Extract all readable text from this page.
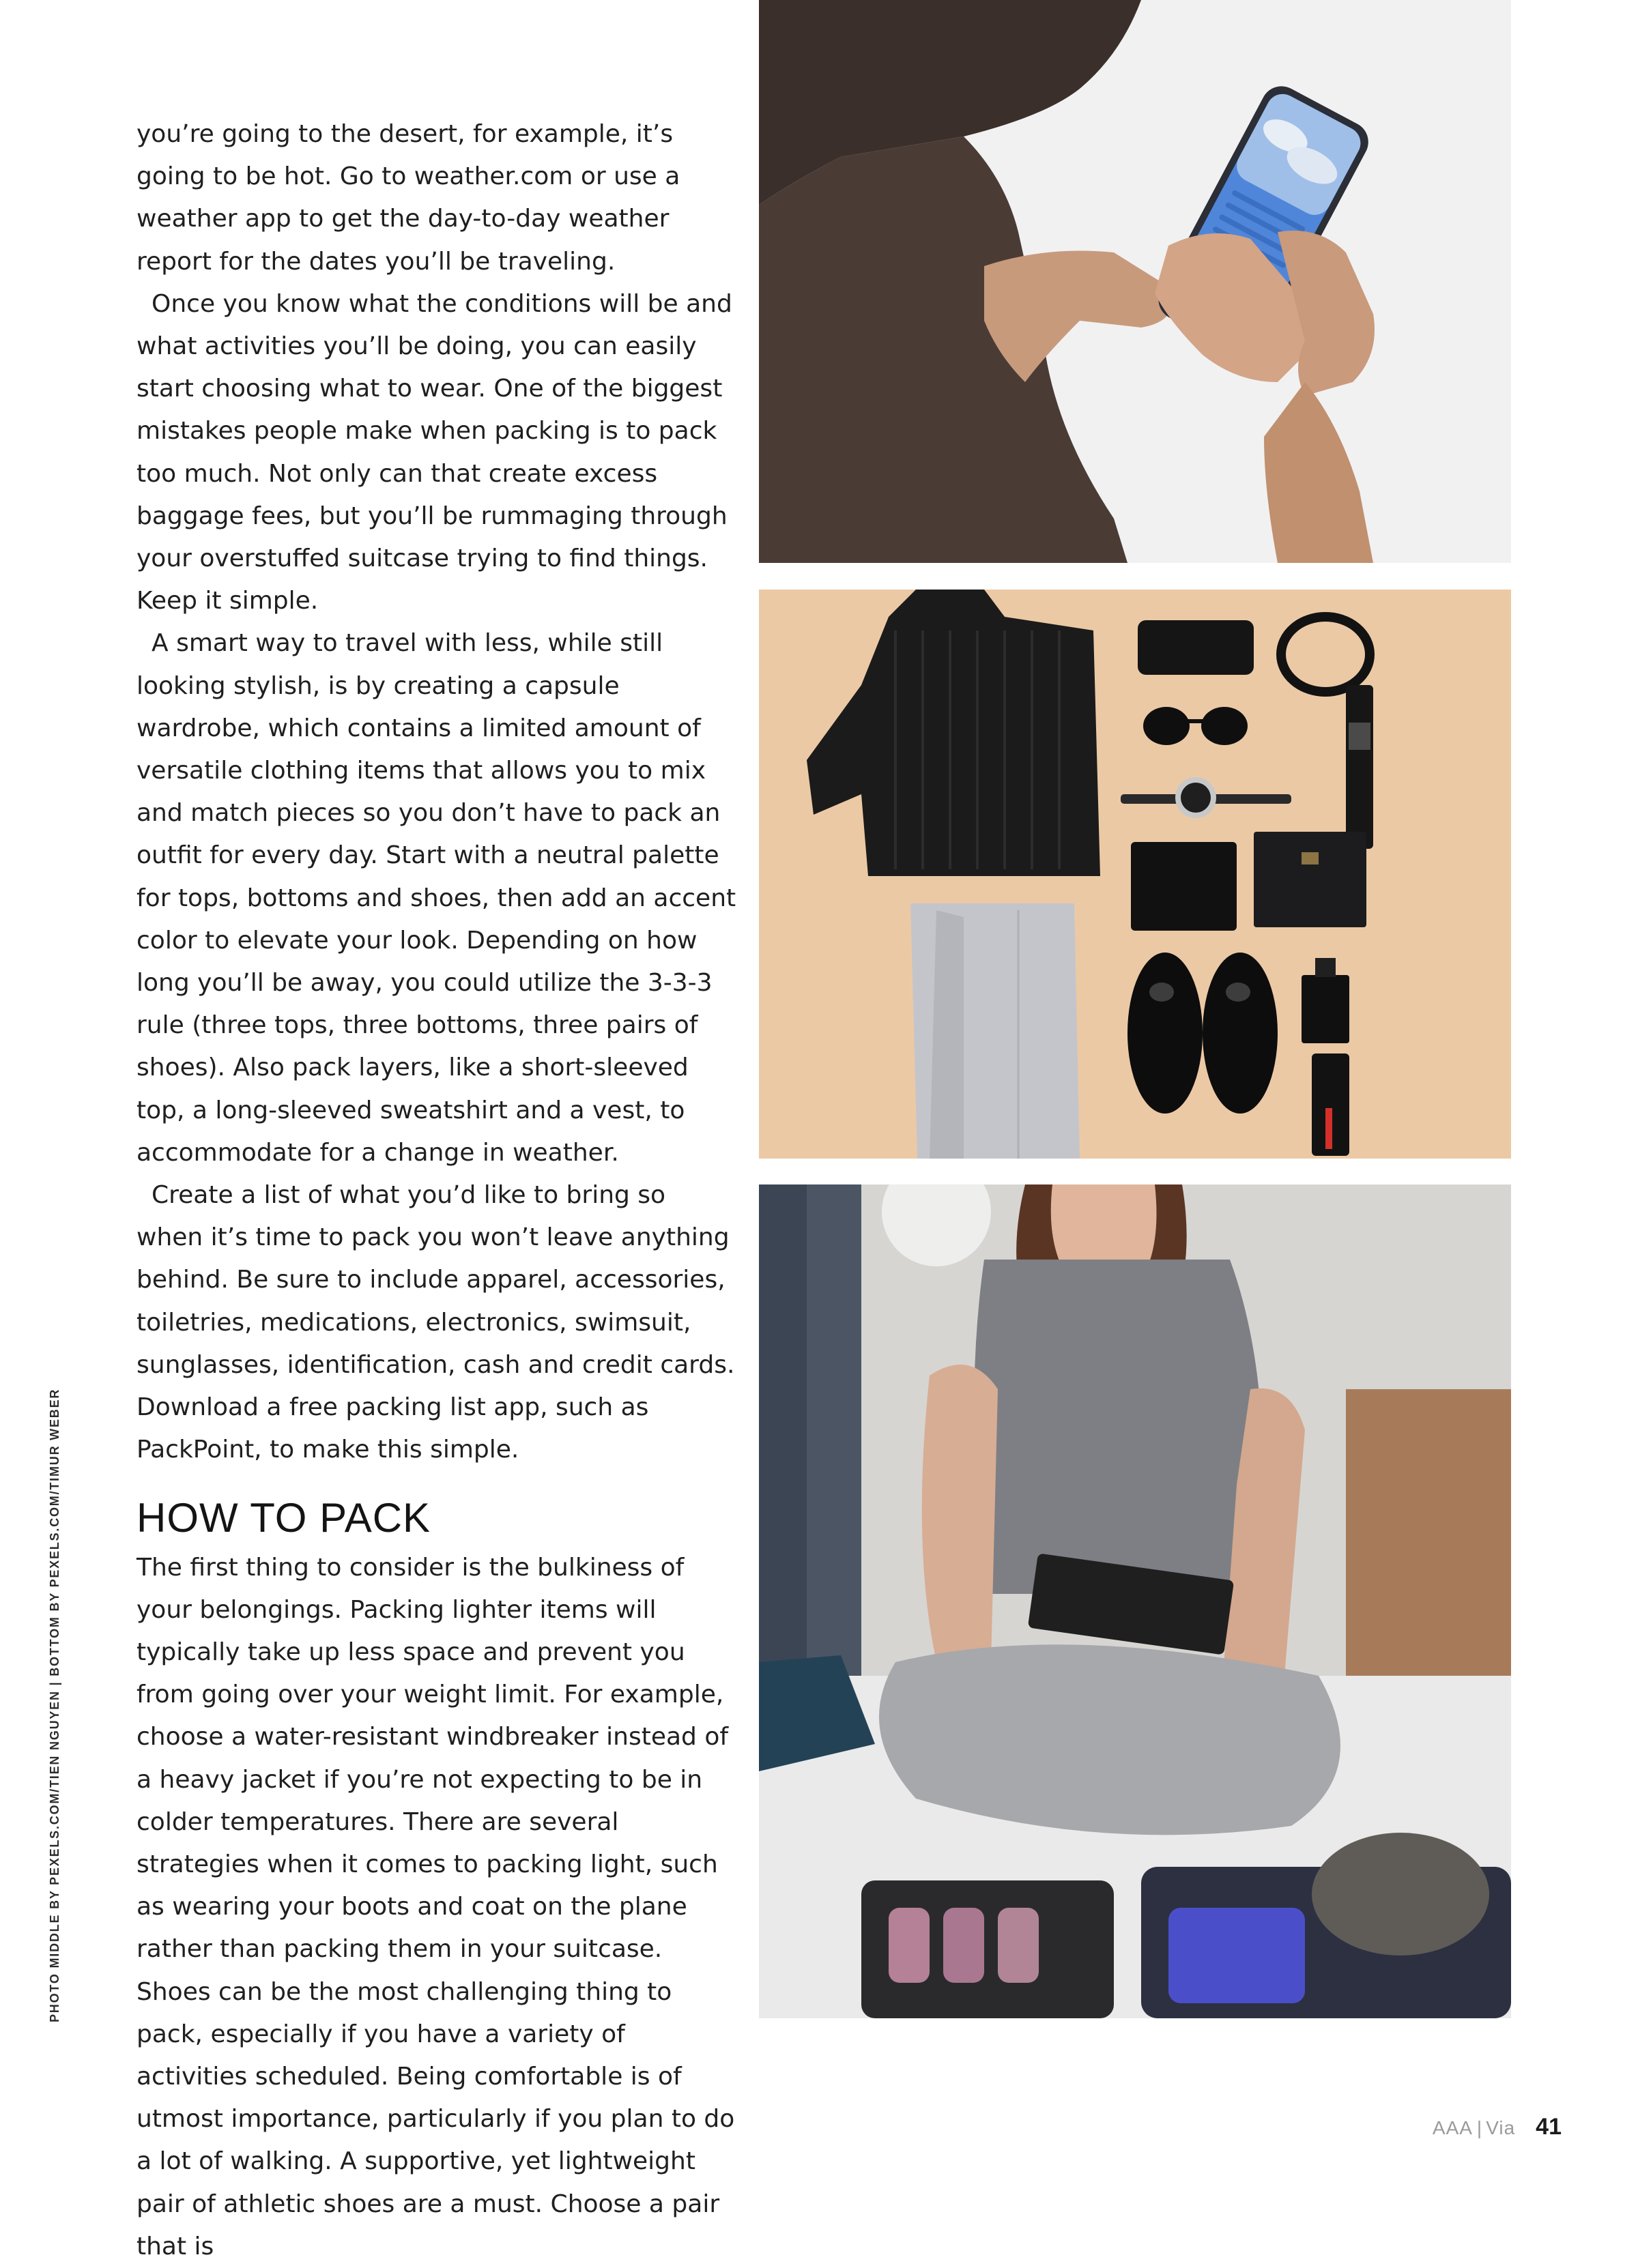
you’re going to the desert, for example, it’s going to be hot. Go to weather.com or use a weather app to get the day-to-day weather report for the dates you’ll be traveling.

Once you know what the conditions will be and what activities you’ll be doing, you can easily start choosing what to wear. One of the biggest mistakes people make when packing is to pack too much. Not only can that create excess baggage fees, but you’ll be rummaging through your overstuffed suitcase trying to find things. Keep it simple.

A smart way to travel with less, while still looking stylish, is by creating a capsule wardrobe, which contains a limited amount of versatile clothing items that allows you to mix and match pieces so you don’t have to pack an outfit for every day. Start with a neutral palette for tops, bottoms and shoes, then add an accent color to elevate your look. Depending on how long you’ll be away, you could utilize the 3-3-3 rule (three tops, three bottoms, three pairs of shoes). Also pack layers, like a short-sleeved top, a long-sleeved sweatshirt and a vest, to accommodate for a change in weather.

Create a list of what you’d like to bring so when it’s time to pack you won’t leave anything behind. Be sure to include apparel, accessories, toiletries, medications, electronics, swimsuit, sunglasses, identification, cash and credit cards. Download a free packing list app, such as PackPoint, to make this simple.

HOW TO PACK

The first thing to consider is the bulkiness of your belongings. Packing lighter items will typically take up less space and prevent you from going over your weight limit. For example, choose a water-resistant windbreaker instead of a heavy jacket if you’re not expecting to be in colder temperatures. There are several strategies when it comes to packing light, such as wearing your boots and coat on the plane rather than packing them in your suitcase. Shoes can be the most challenging thing to pack, especially if you have a variety of activities scheduled. Being comfortable is of utmost importance, particularly if you plan to do a lot of walking. A supportive, yet lightweight pair of athletic shoes are a must. Choose a pair that is

PHOTO MIDDLE BY PEXELS.COM/TIEN NGUYEN | BOTTOM BY PEXELS.COM/TIMUR WEBER
AAA | Via 41
